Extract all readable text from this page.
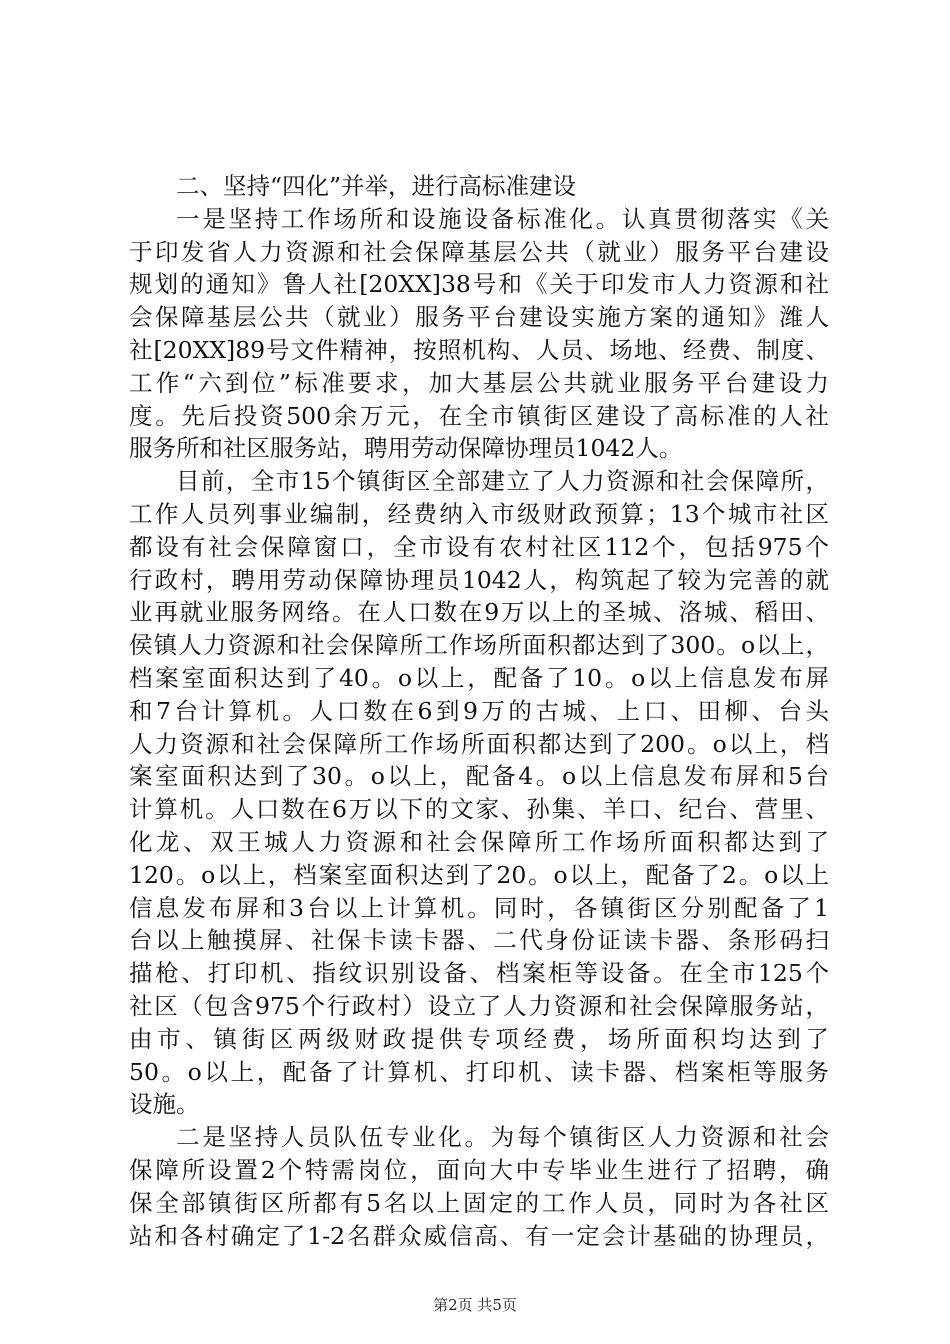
二、坚持“四化”并举，进行高标准建设
一是坚持工作场所和设施设备标准化。认真贯彻落实《关
于印发省人力资源和社会保障基层公共（就业）服务平台建设
规划的通知》鲁人社[20XX]38号和《关于印发市人力资源和社
会保障基层公共（就业）服务平台建设实施方案的通知》潍人
社[20XX]89号文件精神，按照机构、人员、场地、经费、制度、
工作“六到位”标准要求，加大基层公共就业服务平台建设力
度。先后投资500余万元，在全市镇街区建设了高标准的人社
服务所和社区服务站，聘用劳动保障协理员1042人。
目前，全市15个镇街区全部建立了人力资源和社会保障所，
工作人员列事业编制，经费纳入市级财政预算；13个城市社区
都设有社会保障窗口，全市设有农村社区112个，包括975个
行政村，聘用劳动保障协理员1042人，构筑起了较为完善的就
业再就业服务网络。在人口数在9万以上的圣城、洛城、稻田、
侯镇人力资源和社会保障所工作场所面积都达到了300。o以上，
档案室面积达到了40。o以上，配备了10。o以上信息发布屏
和7台计算机。人口数在6到9万的古城、上口、田柳、台头
人力资源和社会保障所工作场所面积都达到了200。o以上，档
案室面积达到了30。o以上，配备4。o以上信息发布屏和5台
计算机。人口数在6万以下的文家、孙集、羊口、纪台、营里、
化龙、双王城人力资源和社会保障所工作场所面积都达到了
120。o以上，档案室面积达到了20。o以上，配备了2。o以上
信息发布屏和3台以上计算机。同时，各镇街区分别配备了1
台以上触摸屏、社保卡读卡器、二代身份证读卡器、条形码扫
描枪、打印机、指纹识别设备、档案柜等设备。在全市125个
社区（包含975个行政村）设立了人力资源和社会保障服务站，
由市、镇街区两级财政提供专项经费，场所面积均达到了
50。o以上，配备了计算机、打印机、读卡器、档案柜等服务
设施。
二是坚持人员队伍专业化。为每个镇街区人力资源和社会
保障所设置2个特需岗位，面向大中专毕业生进行了招聘，确
保全部镇街区所都有5名以上固定的工作人员，同时为各社区
站和各村确定了1-2名群众威信高、有一定会计基础的协理员，
第2页 共5页
